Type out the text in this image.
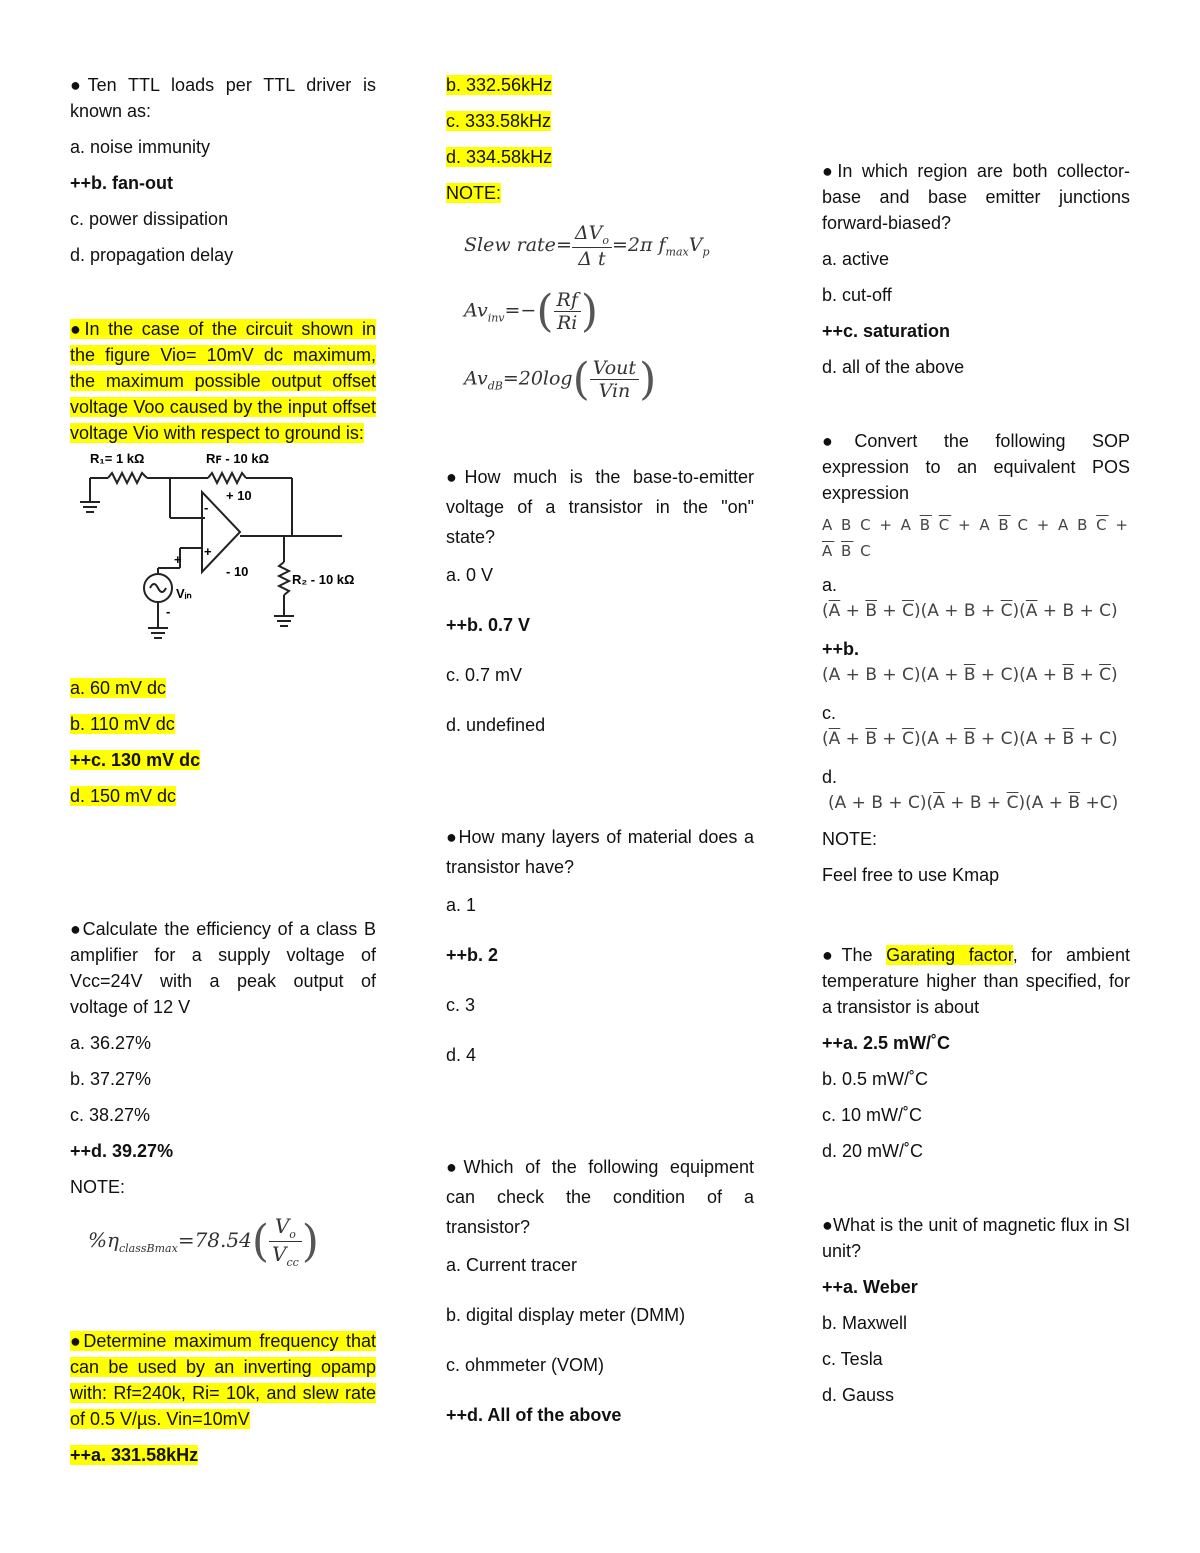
●Ten TTL loads per TTL driver is known as:

a. noise immunity

++b. fan-out

c. power dissipation

d. propagation delay

●In the case of the circuit shown in the figure Vio= 10mV dc maximum, the maximum possible output offset voltage Voo caused by the input offset voltage Vio with respect to ground is:

R₁= 1 kΩ	Rꜰ - 10 kΩ
+ 10
- 10
R₂ - 10 kΩ
Vᵢₙ
+
-
-
+

a. 60 mV dc

b. 110 mV dc

++c. 130 mV dc

d. 150 mV dc

●Calculate the efficiency of a class B amplifier for a supply voltage of Vcc=24V with a peak output of voltage of 12 V

a. 36.27%

b. 37.27%

c. 38.27%

++d. 39.27%

NOTE:

$\%\eta_{classBmax}=78.54( \frac{V_o}{V_{cc}}$ )

●Determine maximum frequency that can be used by an inverting opamp with: Rf=240k, Ri= 10k, and slew rate of 0.5 V/µs. Vin=10mV

++a. 331.58kHz

b. 332.56kHz

c. 333.58kHz

d. 334.58kHz

NOTE:

Slew rate= $\frac{\Delta V_o}{\text{Δ t}} =2\pi$ $f_{max}V_p$
$Av_{inv}=-( \frac{Rf}{Ri}$ )
$Av_{dB}=20\log( \frac{\text{Vout}}{\text{Vin}}$ )

●How much is the base-to-emitter voltage of a transistor in the "on" state?

a. 0 V

++b. 0.7 V

c. 0.7 mV

d. undefined

●How many layers of material does a transistor have?

a. 1

++b. 2

c. 3

d. 4

●Which of the following equipment can check the condition of a transistor?

a. Current tracer

b. digital display meter (DMM)

c. ohmmeter (VOM)

++d. All of the above

●In which region are both collector-base and base emitter junctions forward-biased?

a. active

b. cut-off

++c. saturation

d. all of the above

●Convert the following SOP expression to an equivalent POS expression

A B C + A $\overline{B}$ $\overline{C} + A$ $\overline{B}$ C + A B $\overline{C} + \overline{A}$ $\overline{B}$ C

a.

$(\overline{A} + \overline{B} + \overline{C})(A + B + \overline{C})(\overline{A} + B + C)$

++b.

$(A + B + C)(A + \overline{B} + C)(A + \overline{B} + \overline{C})$

c.

$(\overline{A} + \overline{B} + \overline{C})(A + \overline{B} + C)(A + \overline{B} + C)$

d.

$(A + B + C)(\overline{A} + B + \overline{C})(A + \overline{B} +C)$

NOTE:

Feel free to use Kmap

●The Garating factor, for ambient temperature higher than specified, for a transistor is about

++a. 2.5 mW/˚C

b. 0.5 mW/˚C

c. 10 mW/˚C

d. 20 mW/˚C

●What is the unit of magnetic flux in SI unit?

++a. Weber

b. Maxwell

c. Tesla

d. Gauss
